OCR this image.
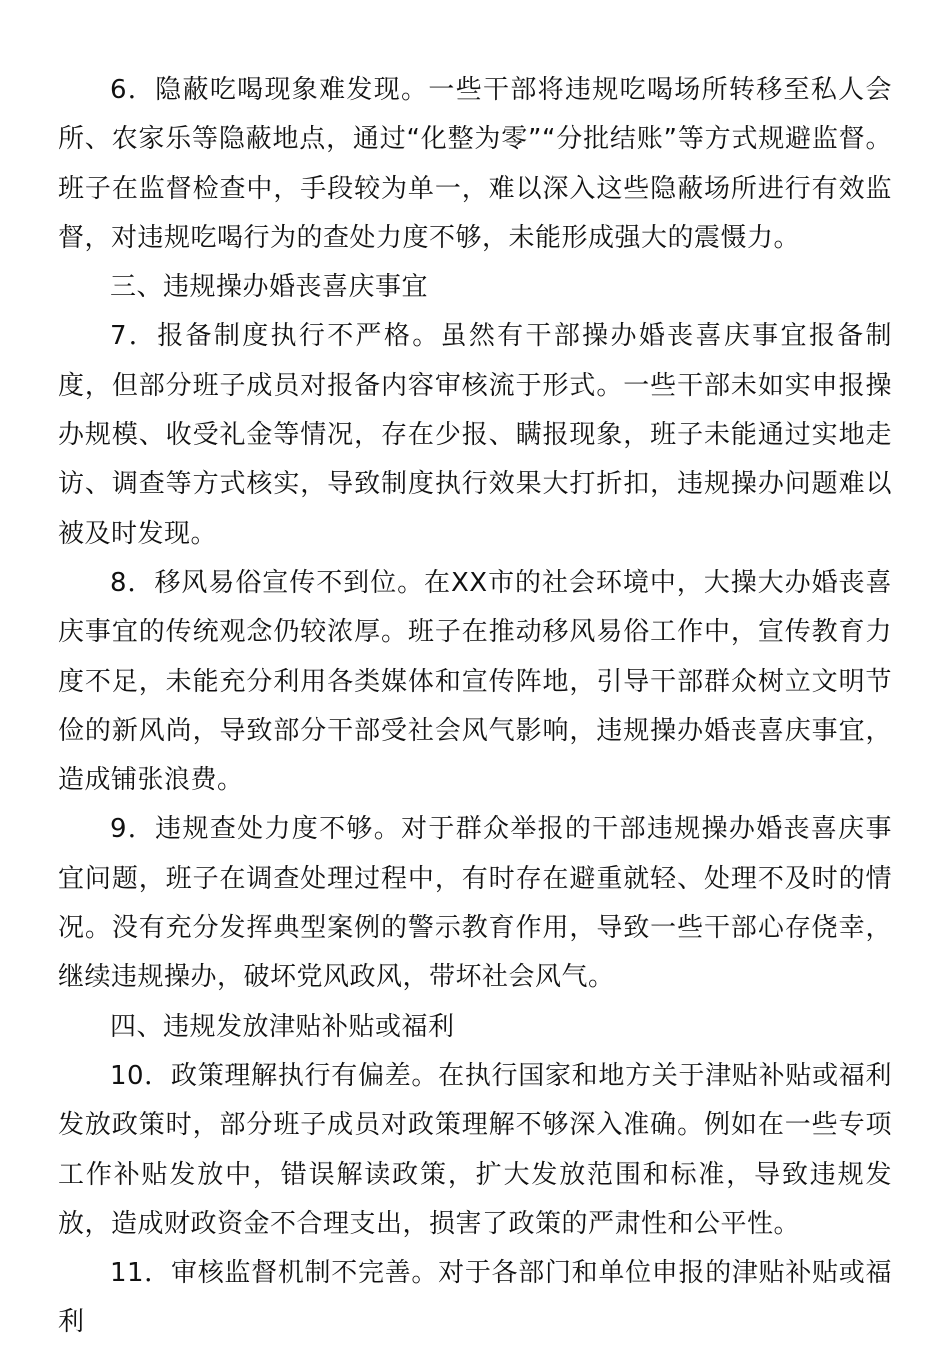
6．隐蔽吃喝现象难发现。一些干部将违规吃喝场所转移至私人会所、农家乐等隐蔽地点，通过“化整为零”“分批结账”等方式规避监督。班子在监督检查中，手段较为单一，难以深入这些隐蔽场所进行有效监督，对违规吃喝行为的查处力度不够，未能形成强大的震慑力。

三、违规操办婚丧喜庆事宜

7．报备制度执行不严格。虽然有干部操办婚丧喜庆事宜报备制度，但部分班子成员对报备内容审核流于形式。一些干部未如实申报操办规模、收受礼金等情况，存在少报、瞒报现象，班子未能通过实地走访、调查等方式核实，导致制度执行效果大打折扣，违规操办问题难以被及时发现。

8．移风易俗宣传不到位。在XX市的社会环境中，大操大办婚丧喜庆事宜的传统观念仍较浓厚。班子在推动移风易俗工作中，宣传教育力度不足，未能充分利用各类媒体和宣传阵地，引导干部群众树立文明节俭的新风尚，导致部分干部受社会风气影响，违规操办婚丧喜庆事宜，造成铺张浪费。

9．违规查处力度不够。对于群众举报的干部违规操办婚丧喜庆事宜问题，班子在调查处理过程中，有时存在避重就轻、处理不及时的情况。没有充分发挥典型案例的警示教育作用，导致一些干部心存侥幸，继续违规操办，破坏党风政风，带坏社会风气。

四、违规发放津贴补贴或福利

10．政策理解执行有偏差。在执行国家和地方关于津贴补贴或福利发放政策时，部分班子成员对政策理解不够深入准确。例如在一些专项工作补贴发放中，错误解读政策，扩大发放范围和标准，导致违规发放，造成财政资金不合理支出，损害了政策的严肃性和公平性。

11．审核监督机制不完善。对于各部门和单位申报的津贴补贴或福利
